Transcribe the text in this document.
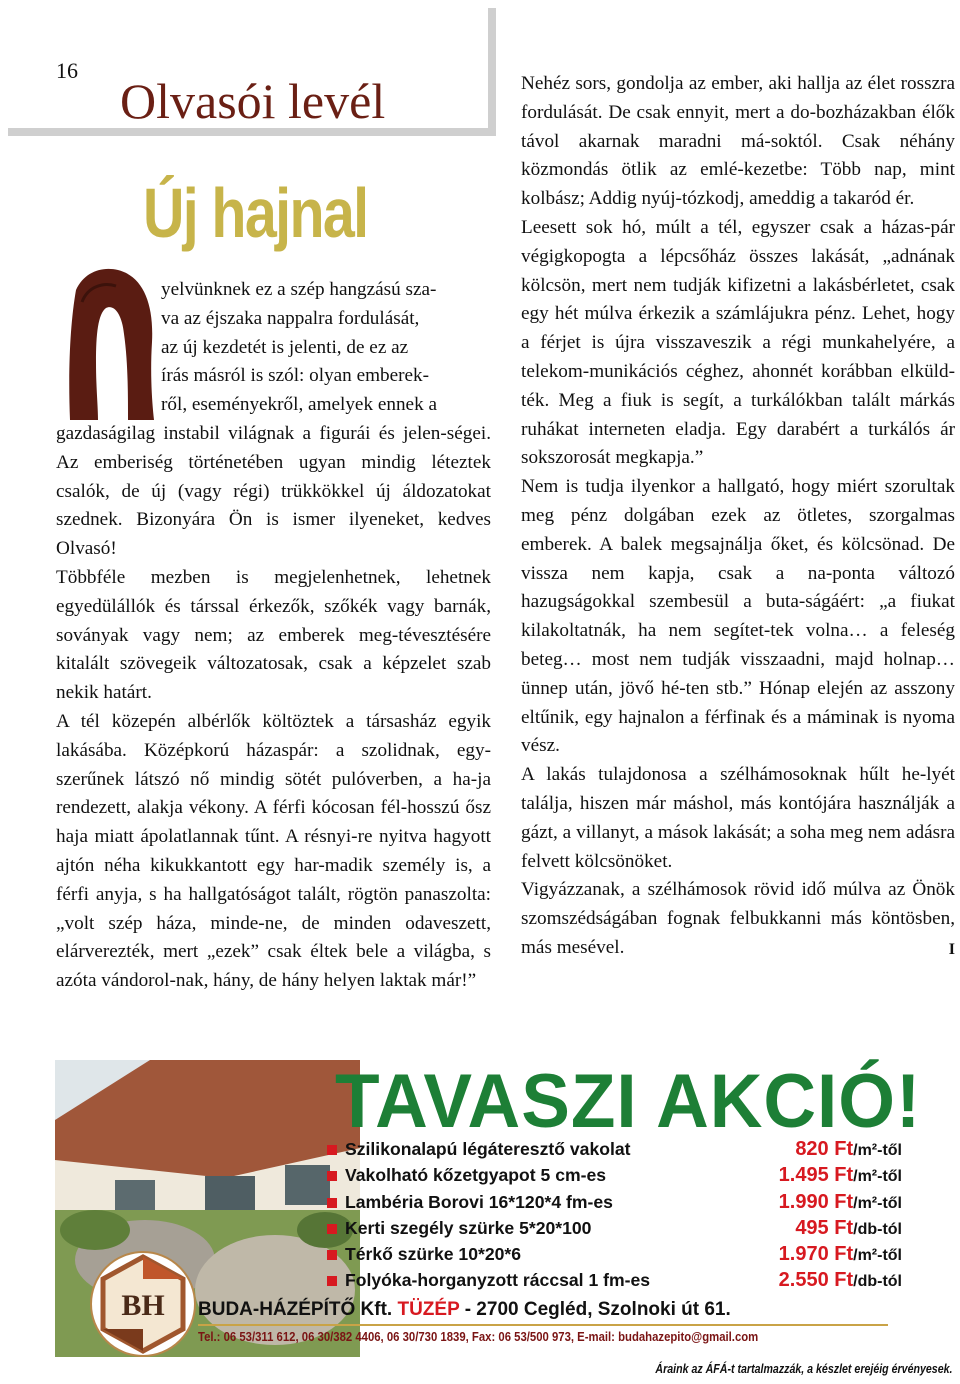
16
Olvasói levél
Új hajnal

yelvünknek ez a szép hangzású sza-

va az éjszaka nappalra fordulását,

az új kezdetét is jelenti, de ez az

írás másról is szól: olyan emberek-

ről, eseményekről, amelyek ennek a

gazdaságilag instabil világnak a figurái és jelen-ségei. Az emberiség történetében ugyan mindig léteztek csalók, de új (vagy régi) trükkökkel új áldozatokat szednek. Bizonyára Ön is ismer ilyeneket, kedves Olvasó!

Többféle mezben is megjelenhetnek, lehetnek egyedülállók és társsal érkezők, szőkék vagy barnák, soványak vagy nem; az emberek meg-tévesztésére kitalált szövegeik változatosak, csak a képzelet szab nekik határt.

A tél közepén albérlők költöztek a társasház egyik lakásába. Középkorú házaspár: a szolidnak, egy-szerűnek látszó nő mindig sötét pulóverben, a ha-ja rendezett, alakja vékony. A férfi kócosan fél-hosszú ősz haja miatt ápolatlannak tűnt. A résnyi-re nyitva hagyott ajtón néha kikukkantott egy har-madik személy is, a férfi anyja, s ha hallgatóságot talált, rögtön panaszolta: „volt szép háza, minde-ne, de minden odaveszett, elárverezték, mert „ezek” csak éltek bele a világba, s azóta vándorol-nak, hány, de hány helyen laktak már!”

Nehéz sors, gondolja az ember, aki hallja az élet rosszra fordulását. De csak ennyit, mert a do-bozházakban élők távol akarnak maradni má-soktól. Csak néhány közmondás ötlik az emlé-kezetbe: Több nap, mint kolbász; Addig nyúj-tózkodj, ameddig a takaród ér.

Leesett sok hó, múlt a tél, egyszer csak a házas-pár végigkopogta a lépcsőház összes lakását, „adnának kölcsön, mert nem tudják kifizetni a lakásbérletet, csak egy hét múlva érkezik a számlájukra pénz. Lehet, hogy a férjet is újra visszaveszik a régi munkahelyére, a telekom-munikációs céghez, ahonnét korábban elküld-ték. Meg a fiuk is segít, a turkálókban talált márkás ruhákat interneten eladja. Egy darabért a turkálós ár sokszorosát megkapja.”

Nem is tudja ilyenkor a hallgató, hogy miért szorultak meg pénz dolgában ezek az ötletes, szorgalmas emberek. A balek megsajnálja őket, és kölcsönad. De vissza nem kapja, csak a na-ponta változó hazugságokkal szembesül a buta-ságáért: „a fiukat kilakoltatnák, ha nem segítet-tek volna… a feleség beteg… most nem tudják visszaadni, majd holnap… ünnep után, jövő hé-ten stb.” Hónap elején az asszony eltűnik, egy hajnalon a férfinak és a máminak is nyoma vész.

A lakás tulajdonosa a szélhámosoknak hűlt he-lyét találja, hiszen már máshol, más kontójára használják a gázt, a villanyt, a mások lakását; a soha meg nem adásra felvett kölcsönöket.

Vigyázzanak, a szélhámosok rövid idő múlva az Önök szomszédságában fognak felbukkanni más köntösben, más mesével.	I

TAVASZI AKCIÓ!
Szilikonalapú légáteresztő vakolat	820 Ft/m²-től
Vakolható kőzetgyapot 5 cm-es	1.495 Ft/m²-től
Lambéria Borovi 16*120*4 fm-es	1.990 Ft/m²-től
Kerti szegély szürke 5*20*100	495 Ft/db-tól
Térkő szürke 10*20*6	1.970 Ft/m²-től
Folyóka-horganyzott ráccsal 1 fm-es	2.550 Ft/db-tól
BH BUDA-HÁZÉPÍTŐ Kft. TÜZÉP - 2700 Cegléd, Szolnoki út 61.
Tel.: 06 53/311 612, 06 30/382 4406, 06 30/730 1839, Fax: 06 53/500 973, E-mail: budahazepito@gmail.com
Áraink az ÁFÁ-t tartalmazzák, a készlet erejéig érvényesek.
